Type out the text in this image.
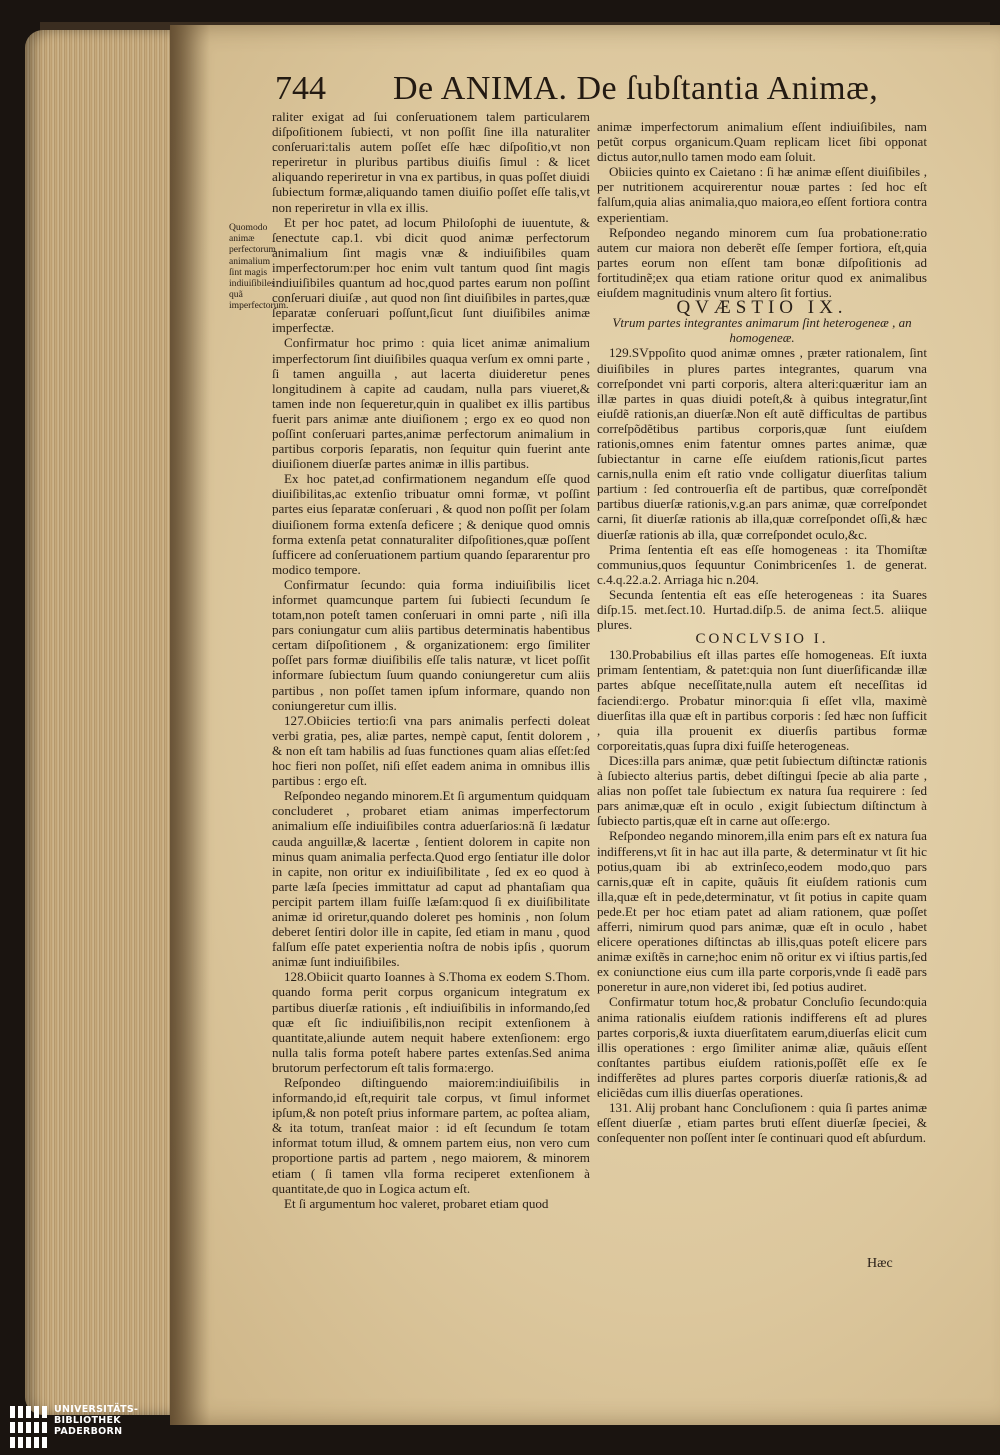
744 De ANIMA. De ſubſtantia Animæ,
Quomodo animæ perfectorum animalium ſint magis indiuiſibiles quã imperfectorum.

raliter exigat ad ſui conſeruationem talem particularem diſpoſitionem ſubiecti, vt non poſſit ſine illa naturaliter conſeruari:talis autem poſſet eſſe hæc diſpoſitio,vt non reperiretur in pluribus partibus diuiſis ſimul : & licet aliquando reperiretur in vna ex partibus, in quas poſſet diuidi ſubiectum formæ,aliquando tamen diuiſio poſſet eſſe talis,vt non reperiretur in vlla ex illis.

Et per hoc patet, ad locum Philoſophi de iuuentute, & ſenectute cap.1. vbi dicit quod animæ perfectorum animalium ſint magis vnæ & indiuiſibiles quam imperfectorum:per hoc enim vult tantum quod ſint magis indiuiſibiles quantum ad hoc,quod partes earum non poſſint conſeruari diuiſæ , aut quod non ſint diuiſibiles in partes,quæ ſeparatæ conſeruari poſſunt,ſicut ſunt diuiſibiles animæ imperfectæ.

Confirmatur hoc primo : quia licet animæ animalium imperfectorum ſint diuiſibiles quaqua verſum ex omni parte , ſi tamen anguilla , aut lacerta diuideretur penes longitudinem à capite ad caudam, nulla pars viueret,& tamen inde non ſequeretur,quin in qualibet ex illis partibus fuerit pars animæ ante diuiſionem ; ergo ex eo quod non poſſint conſeruari partes,animæ perfectorum animalium in partibus corporis ſeparatis, non ſequitur quin fuerint ante diuiſionem diuerſæ partes animæ in illis partibus.

Ex hoc patet,ad confirmationem negandum eſſe quod diuiſibilitas,ac extenſio tribuatur omni formæ, vt poſſint partes eius ſeparatæ conſeruari , & quod non poſſit per ſolam diuiſionem forma extenſa deficere ; & denique quod omnis forma extenſa petat connaturaliter diſpoſitiones,quæ poſſent ſufficere ad conſeruationem partium quando ſepararentur pro modico tempore.

Confirmatur ſecundo: quia forma indiuiſibilis licet informet quamcunque partem ſui ſubiecti ſecundum ſe totam,non poteſt tamen conſeruari in omni parte , niſi illa pars coniungatur cum aliis partibus determinatis habentibus certam diſpoſitionem , & organizationem: ergo ſimiliter poſſet pars formæ diuiſibilis eſſe talis naturæ, vt licet poſſit informare ſubiectum ſuum quando coniungeretur cum aliis partibus , non poſſet tamen ipſum informare, quando non coniungeretur cum illis.

127.Obiicies tertio:ſi vna pars animalis perfecti doleat verbi gratia, pes, aliæ partes, nempè caput, ſentit dolorem , & non eſt tam habilis ad ſuas functiones quam alias eſſet:ſed hoc fieri non poſſet, niſi eſſet eadem anima in omnibus illis partibus : ergo eſt.

Reſpondeo negando minorem.Et ſi argumentum quidquam concluderet , probaret etiam animas imperfectorum animalium eſſe indiuiſibiles contra aduerſarios:nã ſi lædatur cauda anguillæ,& lacertæ , ſentient dolorem in capite non minus quam animalia perfecta.Quod ergo ſentiatur ille dolor in capite, non oritur ex indiuiſibilitate , ſed ex eo quod à parte læſa ſpecies immittatur ad caput ad phantaſiam qua percipit partem illam fuiſſe læſam:quod ſi ex diuiſibilitate animæ id oriretur,quando doleret pes hominis , non ſolum deberet ſentiri dolor ille in capite, ſed etiam in manu , quod falſum eſſe patet experientia noſtra de nobis ipſis , quorum animæ ſunt indiuiſibiles.

128.Obiicit quarto Ioannes à S.Thoma ex eodem S.Thom. quando forma perit corpus organicum integratum ex partibus diuerſæ rationis , eſt indiuiſibilis in informando,ſed quæ eſt ſic indiuiſibilis,non recipit extenſionem à quantitate,aliunde autem nequit habere extenſionem: ergo nulla talis forma poteſt habere partes extenſas.Sed anima brutorum perfectorum eſt talis forma:ergo.

Reſpondeo diſtinguendo maiorem:indiuiſibilis in informando,id eſt,requirit tale corpus, vt ſimul informet ipſum,& non poteſt prius informare partem, ac poſtea aliam, & ita totum, tranſeat maior : id eſt ſecundum ſe totam informat totum illud, & omnem partem eius, non vero cum proportione partis ad partem , nego maiorem, & minorem etiam ( ſi tamen vlla forma reciperet extenſionem à quantitate,de quo in Logica actum eſt.

Et ſi argumentum hoc valeret, probaret etiam quod

animæ imperfectorum animalium eſſent indiuiſibiles, nam petũt corpus organicum.Quam replicam licet ſibi opponat dictus autor,nullo tamen modo eam ſoluit.

Obiicies quinto ex Caietano : ſi hæ animæ eſſent diuiſibiles , per nutritionem acquirerentur nouæ partes : ſed hoc eſt falſum,quia alias animalia,quo maiora,eo eſſent fortiora contra experientiam.

Reſpondeo negando minorem cum ſua probatione:ratio autem cur maiora non deberẽt eſſe ſemper fortiora, eſt,quia partes eorum non eſſent tam bonæ diſpoſitionis ad fortitudinẽ;ex qua etiam ratione oritur quod ex animalibus eiuſdem magnitudinis vnum altero ſit fortius.

QVÆSTIO IX.

Vtrum partes integrantes animarum ſint heterogeneæ , an homogeneæ.

129.SVppoſito quod animæ omnes , præter rationalem, ſint diuiſibiles in plures partes integrantes, quarum vna correſpondet vni parti corporis, altera alteri:quæritur iam an illæ partes in quas diuidi poteſt,& à quibus integratur,ſint eiuſdẽ rationis,an diuerſæ.Non eſt autẽ difficultas de partibus correſpõdẽtibus partibus corporis,quæ ſunt eiuſdem rationis,omnes enim fatentur omnes partes animæ, quæ ſubiectantur in carne eſſe eiuſdem rationis,ſicut partes carnis,nulla enim eſt ratio vnde colligatur diuerſitas talium partium : ſed controuerſia eſt de partibus, quæ correſpondẽt partibus diuerſæ rationis,v.g.an pars animæ, quæ correſpondet carni, ſit diuerſæ rationis ab illa,quæ correſpondet oſſi,& hæc diuerſæ rationis ab illa, quæ correſpondet oculo,&c.

Prima ſententia eſt eas eſſe homogeneas : ita Thomiſtæ communius,quos ſequuntur Conimbricenſes 1. de generat. c.4.q.22.a.2. Arriaga hic n.204.

Secunda ſententia eſt eas eſſe heterogeneas : ita Suares diſp.15. met.ſect.10. Hurtad.diſp.5. de anima ſect.5. aliique plures.

CONCLVSIO I.

130.Probabilius eſt illas partes eſſe homogeneas. Eſt iuxta primam ſententiam, & patet:quia non ſunt diuerſificandæ illæ partes abſque neceſſitate,nulla autem eſt neceſſitas id faciendi:ergo. Probatur minor:quia ſi eſſet vlla, maximè diuerſitas illa quæ eſt in partibus corporis : ſed hæc non ſufficit , quia illa prouenit ex diuerſis partibus formæ corporeitatis,quas ſupra dixi fuiſſe heterogeneas.

Dices:illa pars animæ, quæ petit ſubiectum diſtinctæ rationis à ſubiecto alterius partis, debet diſtingui ſpecie ab alia parte , alias non poſſet tale ſubiectum ex natura ſua requirere : ſed pars animæ,quæ eſt in oculo , exigit ſubiectum diſtinctum à ſubiecto partis,quæ eſt in carne aut oſſe:ergo.

Reſpondeo negando minorem,illa enim pars eſt ex natura ſua indifferens,vt ſit in hac aut illa parte, & determinatur vt ſit hic potius,quam ibi ab extrinſeco,eodem modo,quo pars carnis,quæ eſt in capite, quãuis ſit eiuſdem rationis cum illa,quæ eſt in pede,determinatur, vt ſit potius in capite quam pede.Et per hoc etiam patet ad aliam rationem, quæ poſſet afferri, nimirum quod pars animæ, quæ eſt in oculo , habet elicere operationes diſtinctas ab illis,quas poteſt elicere pars animæ exiſtẽs in carne;hoc enim nõ oritur ex vi iſtius partis,ſed ex coniunctione eius cum illa parte corporis,vnde ſi eadẽ pars poneretur in aure,non videret ibi, ſed potius audiret.

Confirmatur totum hoc,& probatur Concluſio ſecundo:quia anima rationalis eiuſdem rationis indifferens eſt ad plures partes corporis,& iuxta diuerſitatem earum,diuerſas elicit cum illis operationes : ergo ſimiliter animæ aliæ, quãuis eſſent conſtantes partibus eiuſdem rationis,poſſẽt eſſe ex ſe indifferẽtes ad plures partes corporis diuerſæ rationis,& ad eliciẽdas cum illis diuerſas operationes.

131. Alij probant hanc Concluſionem : quia ſi partes animæ eſſent diuerſæ , etiam partes bruti eſſent diuerſæ ſpeciei, & conſequenter non poſſent inter ſe continuari quod eſt abſurdum.

Hæc
UNIVERSITÄTS-
BIBLIOTHEK
PADERBORN
